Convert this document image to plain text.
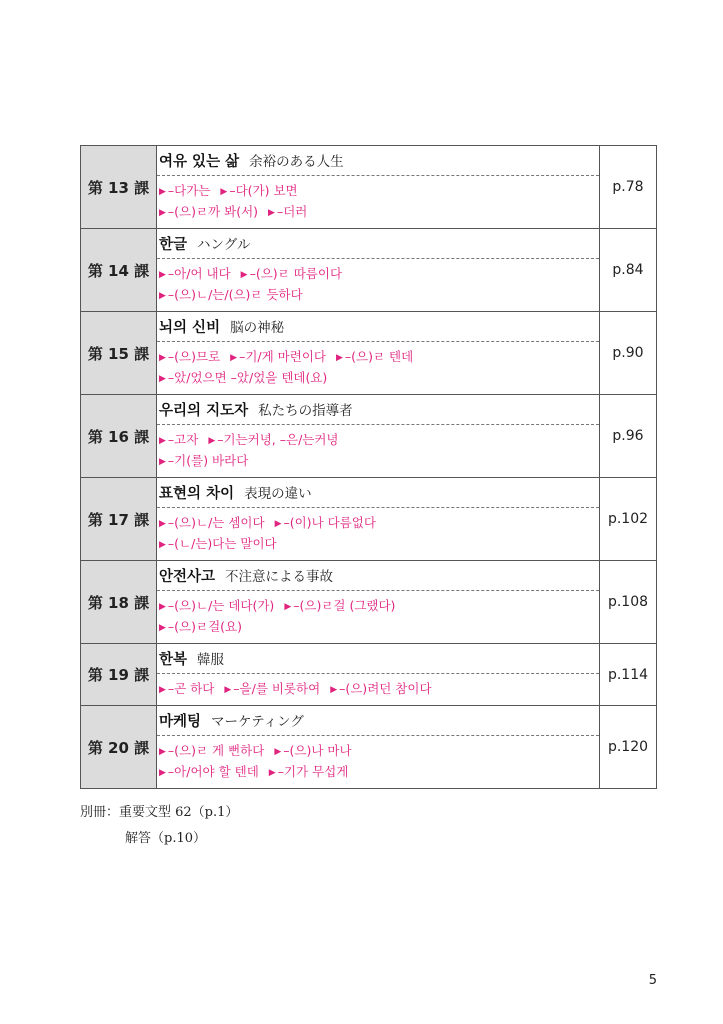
第 13 課	여유 있는 삶 余裕のある人生
▶ –다가는 ▶ –다(가) 보면
▶ –(으)ㄹ까 봐(서) ▶ –더러	p.78
第 14 課	한글 ハングル
▶ –아/어 내다 ▶ –(으)ㄹ 따름이다
▶ –(으)ㄴ/는/(으)ㄹ 듯하다	p.84
第 15 課	뇌의 신비 脳の神秘
▶ –(으)므로 ▶ –기/게 마련이다 ▶ –(으)ㄹ 텐데
▶ –았/었으면 –았/었을 텐데(요)	p.90
第 16 課	우리의 지도자 私たちの指導者
▶ –고자 ▶ –기는커녕, –은/는커녕
▶ –기(를) 바라다	p.96
第 17 課	표현의 차이 表現の違い
▶ –(으)ㄴ/는 셈이다 ▶ –(이)나 다름없다
▶ –(ㄴ/는)다는 말이다	p.102
第 18 課	안전사고 不注意による事故
▶ –(으)ㄴ/는 데다(가) ▶ –(으)ㄹ걸 (그랬다)
▶ –(으)ㄹ걸(요)	p.108
第 19 課	한복 韓服
▶ –곤 하다 ▶ –을/를 비롯하여 ▶ –(으)려던 참이다	p.114
第 20 課	마케팅 マーケティング
▶ –(으)ㄹ 게 뻔하다 ▶ –(으)나 마나
▶ –아/어야 할 텐데 ▶ –기가 무섭게	p.120
別冊：重要文型 62（p.1）
解答（p.10）
5
